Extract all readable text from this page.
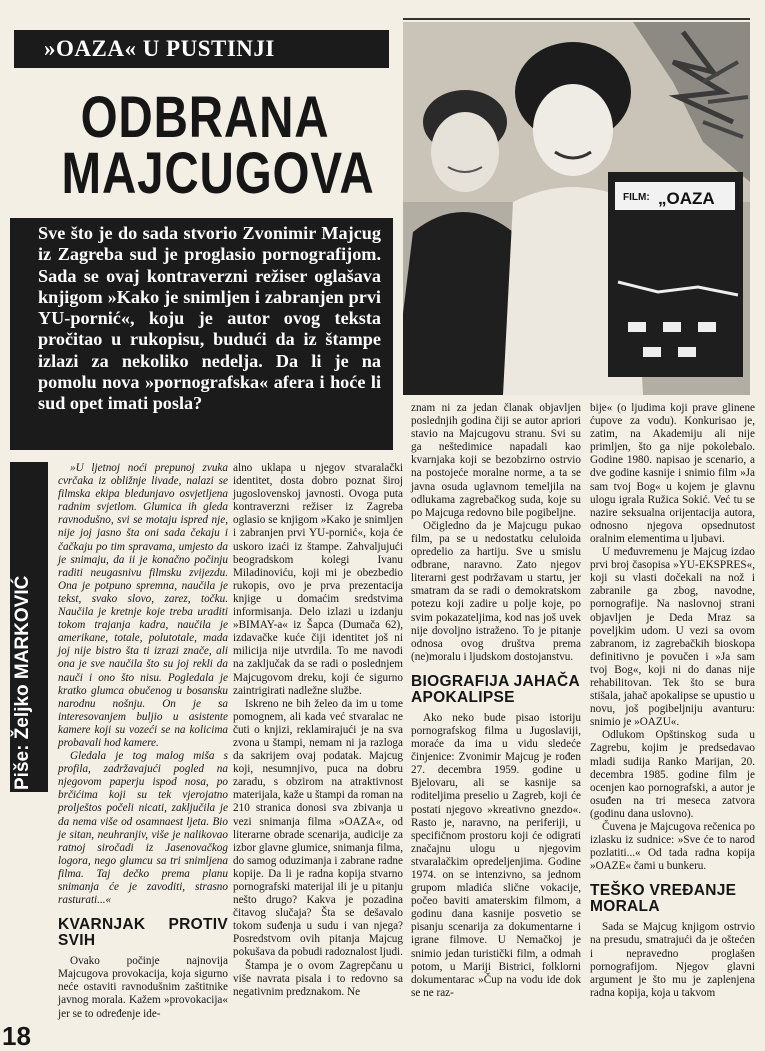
»OAZA« U PUSTINJI
ODBRANA
MAJCUGOVA	FILM: „OAZA
Sve što je do sada stvorio Zvonimir Majcug iz Zagreba sud je proglasio pornografijom. Sada se ovaj kontraverzni režiser oglašava knjigom »Kako je snimljen i zabranjen prvi YU-pornić«, koju je autor ovog teksta pročitao u rukopisu, budući da iz štampe izlazi za nekoliko nedelja. Da li je na pomolu nova »pornografska« afera i hoće li sud opet imati posla?
Piše: Željko MARKOVIĆ

»U ljetnoj noći prepunoj zvuka cvrčaka iz obližnje livade, nalazi se filmska ekipa bledunjavo osvjetljena radnim svjetlom. Glumica ih gleda ravnodušno, svi se motaju ispred nje, nije joj jasno šta oni sada čekaju i čačkaju po tim spravama, umjesto da je snimaju, da ii je konačno počinju raditi neugasnivu filmsku zvijezdu. Ona je potpuno spremna, naučila je tekst, svako slovo, zarez, točku. Naučila je kretnje koje treba uraditi tokom trajanja kadra, naučila je amerikane, totale, polutotale, mada joj nije bistro šta ti izrazi znače, ali ona je sve naučila što su joj rekli da nauči i ono što nisu. Pogledala je kratko glumca obučenog u bosansku narodnu nošnju. On je sa interesovanjem buljio u asistente kamere koji su vozeći se na kolicima probavali hod kamere.

Gledala je tog malog miša s profila, zadržavajući pogled na njegovom paperju ispod nosa, po brčićima koji su tek vjerojatno prolještos počeli nicati, zaključila je da nema više od osamnaest ljeta. Bio je sitan, neuhranjiv, više je nalikovao ratnoj siročadi iz Jasenovačkog logora, nego glumcu sa tri snimljena filma. Taj dečko prema planu snimanja će je zavoditi, strasno rasturati...«

KVARNJAK PROTIV
SVIH

Ovako počinje najnovija Majcugova provokacija, koja sigurno neće ostaviti ravnodušnim zaštitnike javnog morala. Kažem »provokacija« jer se to određenje ide-

alno uklapa u njegov stvaralački identitet, dosta dobro poznat široj jugoslovenskoj javnosti. Ovoga puta kontraverzni režiser iz Zagreba oglasio se knjigom »Kako je snimljen i zabranjen prvi YU-pornić«, koja će uskoro izaći iz štampe. Zahvaljujući beogradskom kolegi Ivanu Miladinoviću, koji mi je obezbedio rukopis, ovo je prva prezentacija knjige u domaćim sredstvima informisanja. Delo izlazi u izdanju »BIMAY-a« iz Šapca (Dumača 62), izdavačke kuće čiji identitet još ni milicija nije utvrdila. To me navodi na zaključak da se radi o poslednjem Majcugovom dreku, koji će sigurno zaintrigirati nadležne službe.

Iskreno ne bih želeo da im u tome pomognem, ali kada već stvaralac ne čuti o knjizi, reklamirajući je na sva zvona u štampi, nemam ni ja razloga da sakrijem ovaj podatak. Majcug koji, nesumnjivo, puca na dobru zaradu, s obzirom na atraktivnost materijala, kaže u štampi da roman na 210 stranica donosi sva zbivanja u vezi snimanja filma »OAZA«, od literarne obrade scenarija, audicije za izbor glavne glumice, snimanja filma, do samog oduzimanja i zabrane radne kopije. Da li je radna kopija stvarno pornografski materijal ili je u pitanju nešto drugo? Kakva je pozadina čitavog slučaja? Šta se dešavalo tokom suđenja u sudu i van njega? Posredstvom ovih pitanja Majcug pokušava da pobudi radoznalost ljudi.

Štampa je o ovom Zagrepčanu u više navrata pisala i to redovno sa negativnim predznakom. Ne

znam ni za jedan članak objavljen poslednjih godina čiji se autor apriori stavio na Majcugovu stranu. Svi su ga neštedimice napadali kao kvarnjaka koji se bezobzirno ostrvio na postojeće moralne norme, a ta se javna osuda uglavnom temeljila na odlukama zagrebačkog suda, koje su po Majcuga redovno bile pogibeljne.

Očigledno da je Majcugu pukao film, pa se u nedostatku celuloida opredelio za hartiju. Sve u smislu odbrane, naravno. Zato njegov literarni gest podržavam u startu, jer smatram da se radi o demokratskom potezu koji zadire u polje koje, po svim pokazateljima, kod nas još uvek nije dovoljno istraženo. To je pitanje odnosa ovog društva prema (ne)moralu i ljudskom dostojanstvu.

BIOGRAFIJA JAHAČA
APOKALIPSE

Ako neko bude pisao istoriju pornografskog filma u Jugoslaviji, moraće da ima u vidu sledeće činjenice: Zvonimir Majcug je rođen 27. decembra 1959. godine u Bjelovaru, ali se kasnije sa roditeljima preselio u Zagreb, koji će postati njegovo »kreativno gnezdo«. Rasto je, naravno, na periferiji, u specifičnom prostoru koji će odigrati značajnu ulogu u njegovim stvaralačkim opredeljenjima. Godine 1974. on se intenzivno, sa jednom grupom mladića slične vokacije, počeo baviti amaterskim filmom, a godinu dana kasnije posvetio se pisanju scenarija za dokumentarne i igrane filmove. U Nemačkoj je snimio jedan turistički film, a odmah potom, u Mariji Bistrici, folklorni dokumentarac »Čup na vodu ide dok se ne raz-

bije« (o ljudima koji prave glinene ćupove za vodu). Konkurisao je, zatim, na Akademiju ali nije primljen, što ga nije pokolebalo. Godine 1980. napisao je scenario, a dve godine kasnije i snimio film »Ja sam tvoj Bog« u kojem je glavnu ulogu igrala Ružica Sokić. Već tu se nazire seksualna orijentacija autora, odnosno njegova opsednutost oralnim elementima u ljubavi.

U međuvremenu je Majcug izdao prvi broj časopisa »YU-EKSPRES«, koji su vlasti dočekali na nož i zabranile ga zbog, navodne, pornografije. Na naslovnoj strani objavljen je Deda Mraz sa poveljkim udom. U vezi sa ovom zabranom, iz zagrebačkih bioskopa definitivno je povučen i »Ja sam tvoj Bog«, koji ni do danas nije rehabilitovan. Tek što se bura stišala, jahač apokalipse se upustio u novu, još pogibeljniju avanturu: snimio je »OAZU«.

Odlukom Opštinskog suda u Zagrebu, kojim je predsedavao mladi sudija Ranko Marijan, 20. decembra 1985. godine film je ocenjen kao pornografski, a autor je osuđen na tri meseca zatvora (godinu dana uslovno).

Čuvena je Majcugova rečenica po izlasku iz sudnice: »Sve će to narod pozlatiti...« Od tada radna kopija »OAZE« čami u bunkeru.

TEŠKO VREĐANJE
MORALA

Sada se Majcug knjigom ostrvio na presudu, smatrajući da je oštećen i nepravedno proglašen pornografijom. Njegov glavni argument je što mu je zaplenjena radna kopija, koja u takvom

18
